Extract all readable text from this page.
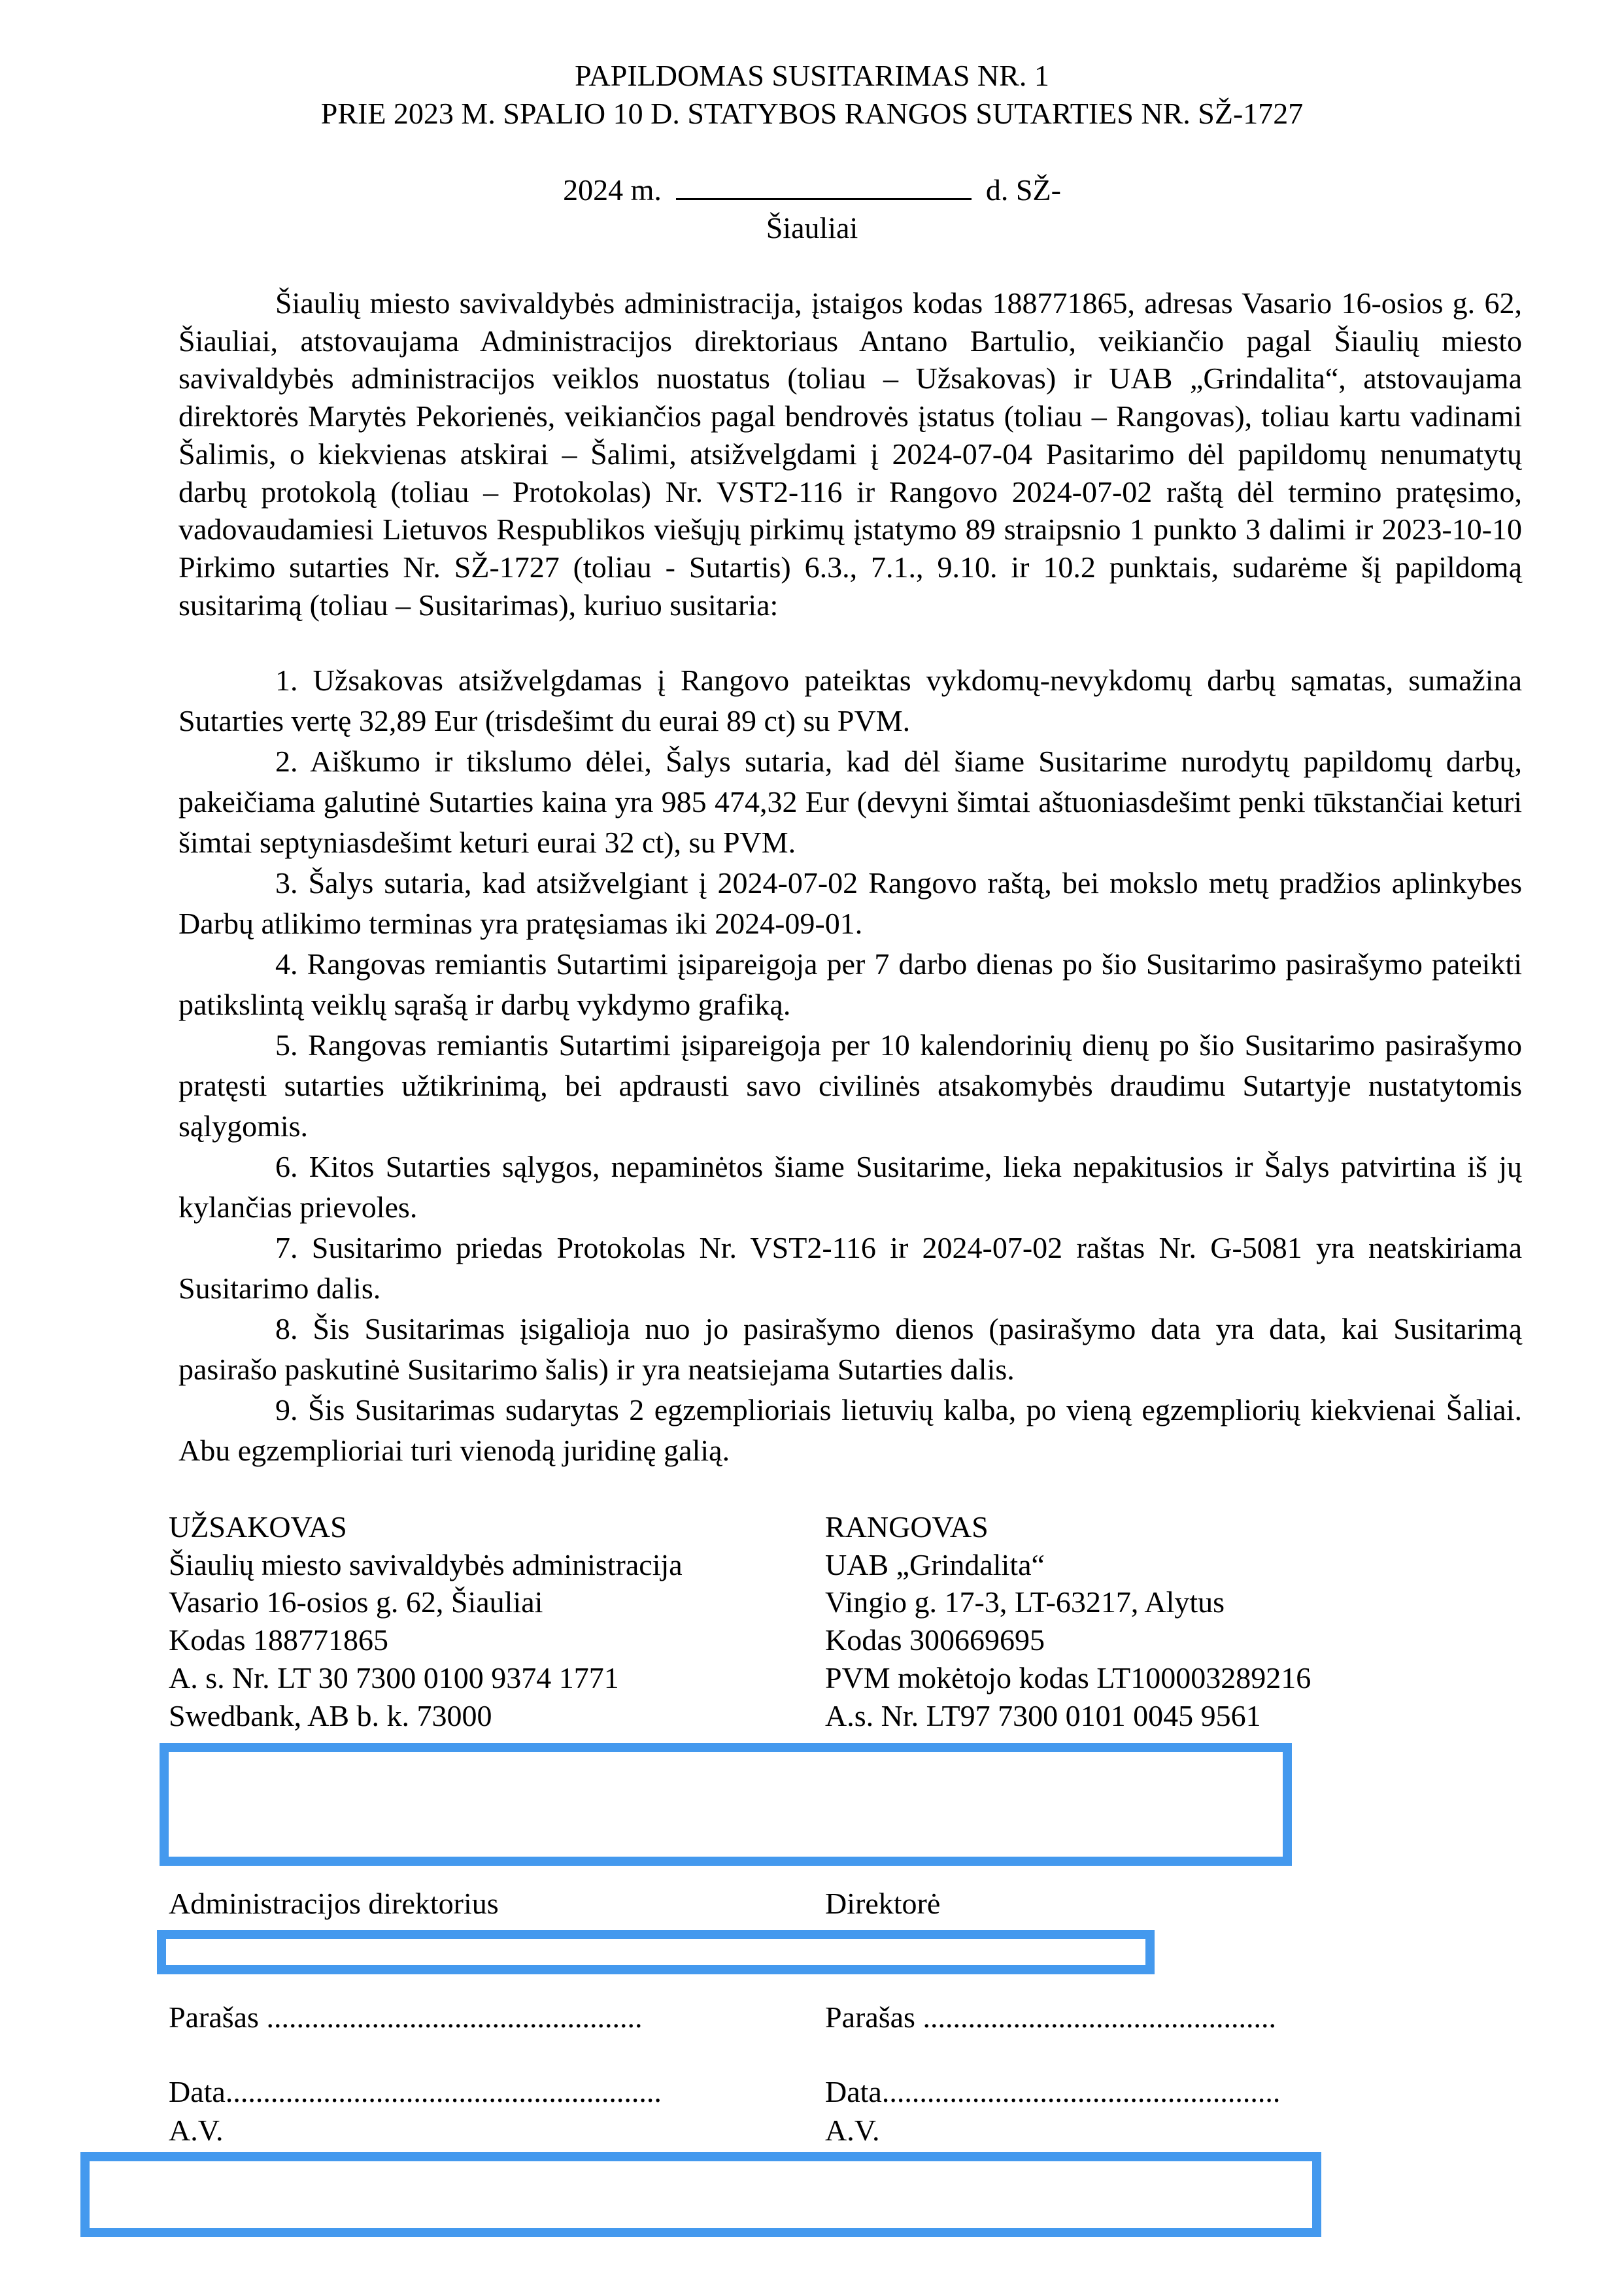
PAPILDOMAS SUSITARIMAS NR. 1
PRIE 2023 M. SPALIO 10 D. STATYBOS RANGOS SUTARTIES NR. SŽ-1727
2024 m.	d. SŽ-
Šiauliai
Šiaulių miesto savivaldybės administracija, įstaigos kodas 188771865, adresas Vasario 16-osios g. 62, Šiauliai, atstovaujama Administracijos direktoriaus Antano Bartulio, veikiančio pagal Šiaulių miesto savivaldybės administracijos veiklos nuostatus (toliau – Užsakovas) ir UAB „Grindalita“, atstovaujama direktorės Marytės Pekorienės, veikiančios pagal bendrovės įstatus (toliau – Rangovas), toliau kartu vadinami Šalimis, o kiekvienas atskirai – Šalimi, atsižvelgdami į 2024-07-04 Pasitarimo dėl papildomų nenumatytų darbų protokolą (toliau – Protokolas) Nr. VST2-116 ir Rangovo 2024-07-02 raštą dėl termino pratęsimo, vadovaudamiesi Lietuvos Respublikos viešųjų pirkimų įstatymo 89 straipsnio 1 punkto 3 dalimi ir 2023-10-10 Pirkimo sutarties Nr. SŽ-1727 (toliau - Sutartis) 6.3., 7.1., 9.10. ir 10.2 punktais, sudarėme šį papildomą susitarimą (toliau – Susitarimas), kuriuo susitaria:
1. Užsakovas atsižvelgdamas į Rangovo pateiktas vykdomų-nevykdomų darbų sąmatas, sumažina Sutarties vertę 32,89 Eur (trisdešimt du eurai 89 ct) su PVM.
2. Aiškumo ir tikslumo dėlei, Šalys sutaria, kad dėl šiame Susitarime nurodytų papildomų darbų, pakeičiama galutinė Sutarties kaina yra 985 474,32 Eur (devyni šimtai aštuoniasdešimt penki tūkstančiai keturi šimtai septyniasdešimt keturi eurai 32 ct), su PVM.
3. Šalys sutaria, kad atsižvelgiant į 2024-07-02 Rangovo raštą, bei mokslo metų pradžios aplinkybes Darbų atlikimo terminas yra pratęsiamas iki 2024-09-01.
4. Rangovas remiantis Sutartimi įsipareigoja per 7 darbo dienas po šio Susitarimo pasirašymo pateikti patikslintą veiklų sąrašą ir darbų vykdymo grafiką.
5. Rangovas remiantis Sutartimi įsipareigoja per 10 kalendorinių dienų po šio Susitarimo pasirašymo pratęsti sutarties užtikrinimą, bei apdrausti savo civilinės atsakomybės draudimu Sutartyje nustatytomis sąlygomis.
6. Kitos Sutarties sąlygos, nepaminėtos šiame Susitarime, lieka nepakitusios ir Šalys patvirtina iš jų kylančias prievoles.
7. Susitarimo priedas Protokolas Nr. VST2-116 ir 2024-07-02 raštas Nr. G-5081 yra neatskiriama Susitarimo dalis.
8. Šis Susitarimas įsigalioja nuo jo pasirašymo dienos (pasirašymo data yra data, kai Susitarimą pasirašo paskutinė Susitarimo šalis) ir yra neatsiejama Sutarties dalis.
9. Šis Susitarimas sudarytas 2 egzemplioriais lietuvių kalba, po vieną egzempliorių kiekvienai Šaliai. Abu egzemplioriai turi vienodą juridinę galią.
UŽSAKOVAS
Šiaulių miesto savivaldybės administracija
Vasario 16-osios g. 62, Šiauliai
Kodas 188771865
A. s. Nr. LT 30 7300 0100 9374 1771
Swedbank, AB b. k. 73000
Administracijos direktorius
Parašas ..................................................
Data..........................................................
A.V.
RANGOVAS
UAB „Grindalita“
Vingio g. 17-3, LT-63217, Alytus
Kodas 300669695
PVM mokėtojo kodas LT100003289216
A.s. Nr. LT97 7300 0101 0045 9561
Direktorė
Parašas ...............................................
Data.....................................................
A.V.
